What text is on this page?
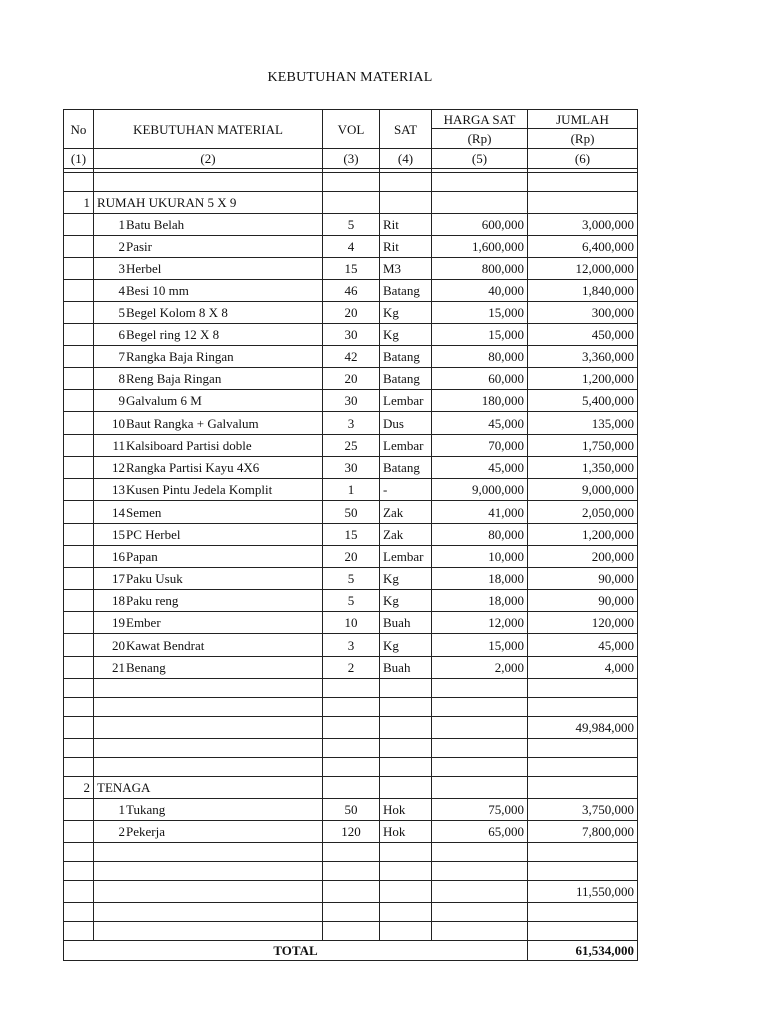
KEBUTUHAN MATERIAL
No	KEBUTUHAN MATERIAL	VOL	SAT	HARGA SAT	JUMLAH
				(Rp)	(Rp)
(1)	(2)	(3)	(4)	(5)	(6)

1	RUMAH UKURAN 5 X 9				
	1Batu Belah	5	Rit	600,000	3,000,000
	2Pasir	4	Rit	1,600,000	6,400,000
	3Herbel	15	M3	800,000	12,000,000
	4Besi 10 mm	46	Batang	40,000	1,840,000
	5Begel Kolom 8 X 8	20	Kg	15,000	300,000
	6Begel ring 12 X 8	30	Kg	15,000	450,000
	7Rangka Baja Ringan	42	Batang	80,000	3,360,000
	8Reng Baja Ringan	20	Batang	60,000	1,200,000
	9Galvalum 6 M	30	Lembar	180,000	5,400,000
	10Baut Rangka + Galvalum	3	Dus	45,000	135,000
	11Kalsiboard Partisi doble	25	Lembar	70,000	1,750,000
	12Rangka Partisi Kayu 4X6	30	Batang	45,000	1,350,000
	13Kusen Pintu Jedela Komplit	1	-	9,000,000	9,000,000
	14Semen	50	Zak	41,000	2,050,000
	15PC Herbel	15	Zak	80,000	1,200,000
	16Papan	20	Lembar	10,000	200,000
	17Paku Usuk	5	Kg	18,000	90,000
	18Paku reng	5	Kg	18,000	90,000
	19Ember	10	Buah	12,000	120,000
	20Kawat Bendrat	3	Kg	15,000	45,000
	21Benang	2	Buah	2,000	4,000

					49,984,000

2	TENAGA				
	1Tukang	50	Hok	75,000	3,750,000
	2Pekerja	120	Hok	65,000	7,800,000

					11,550,000

TOTAL					61,534,000
